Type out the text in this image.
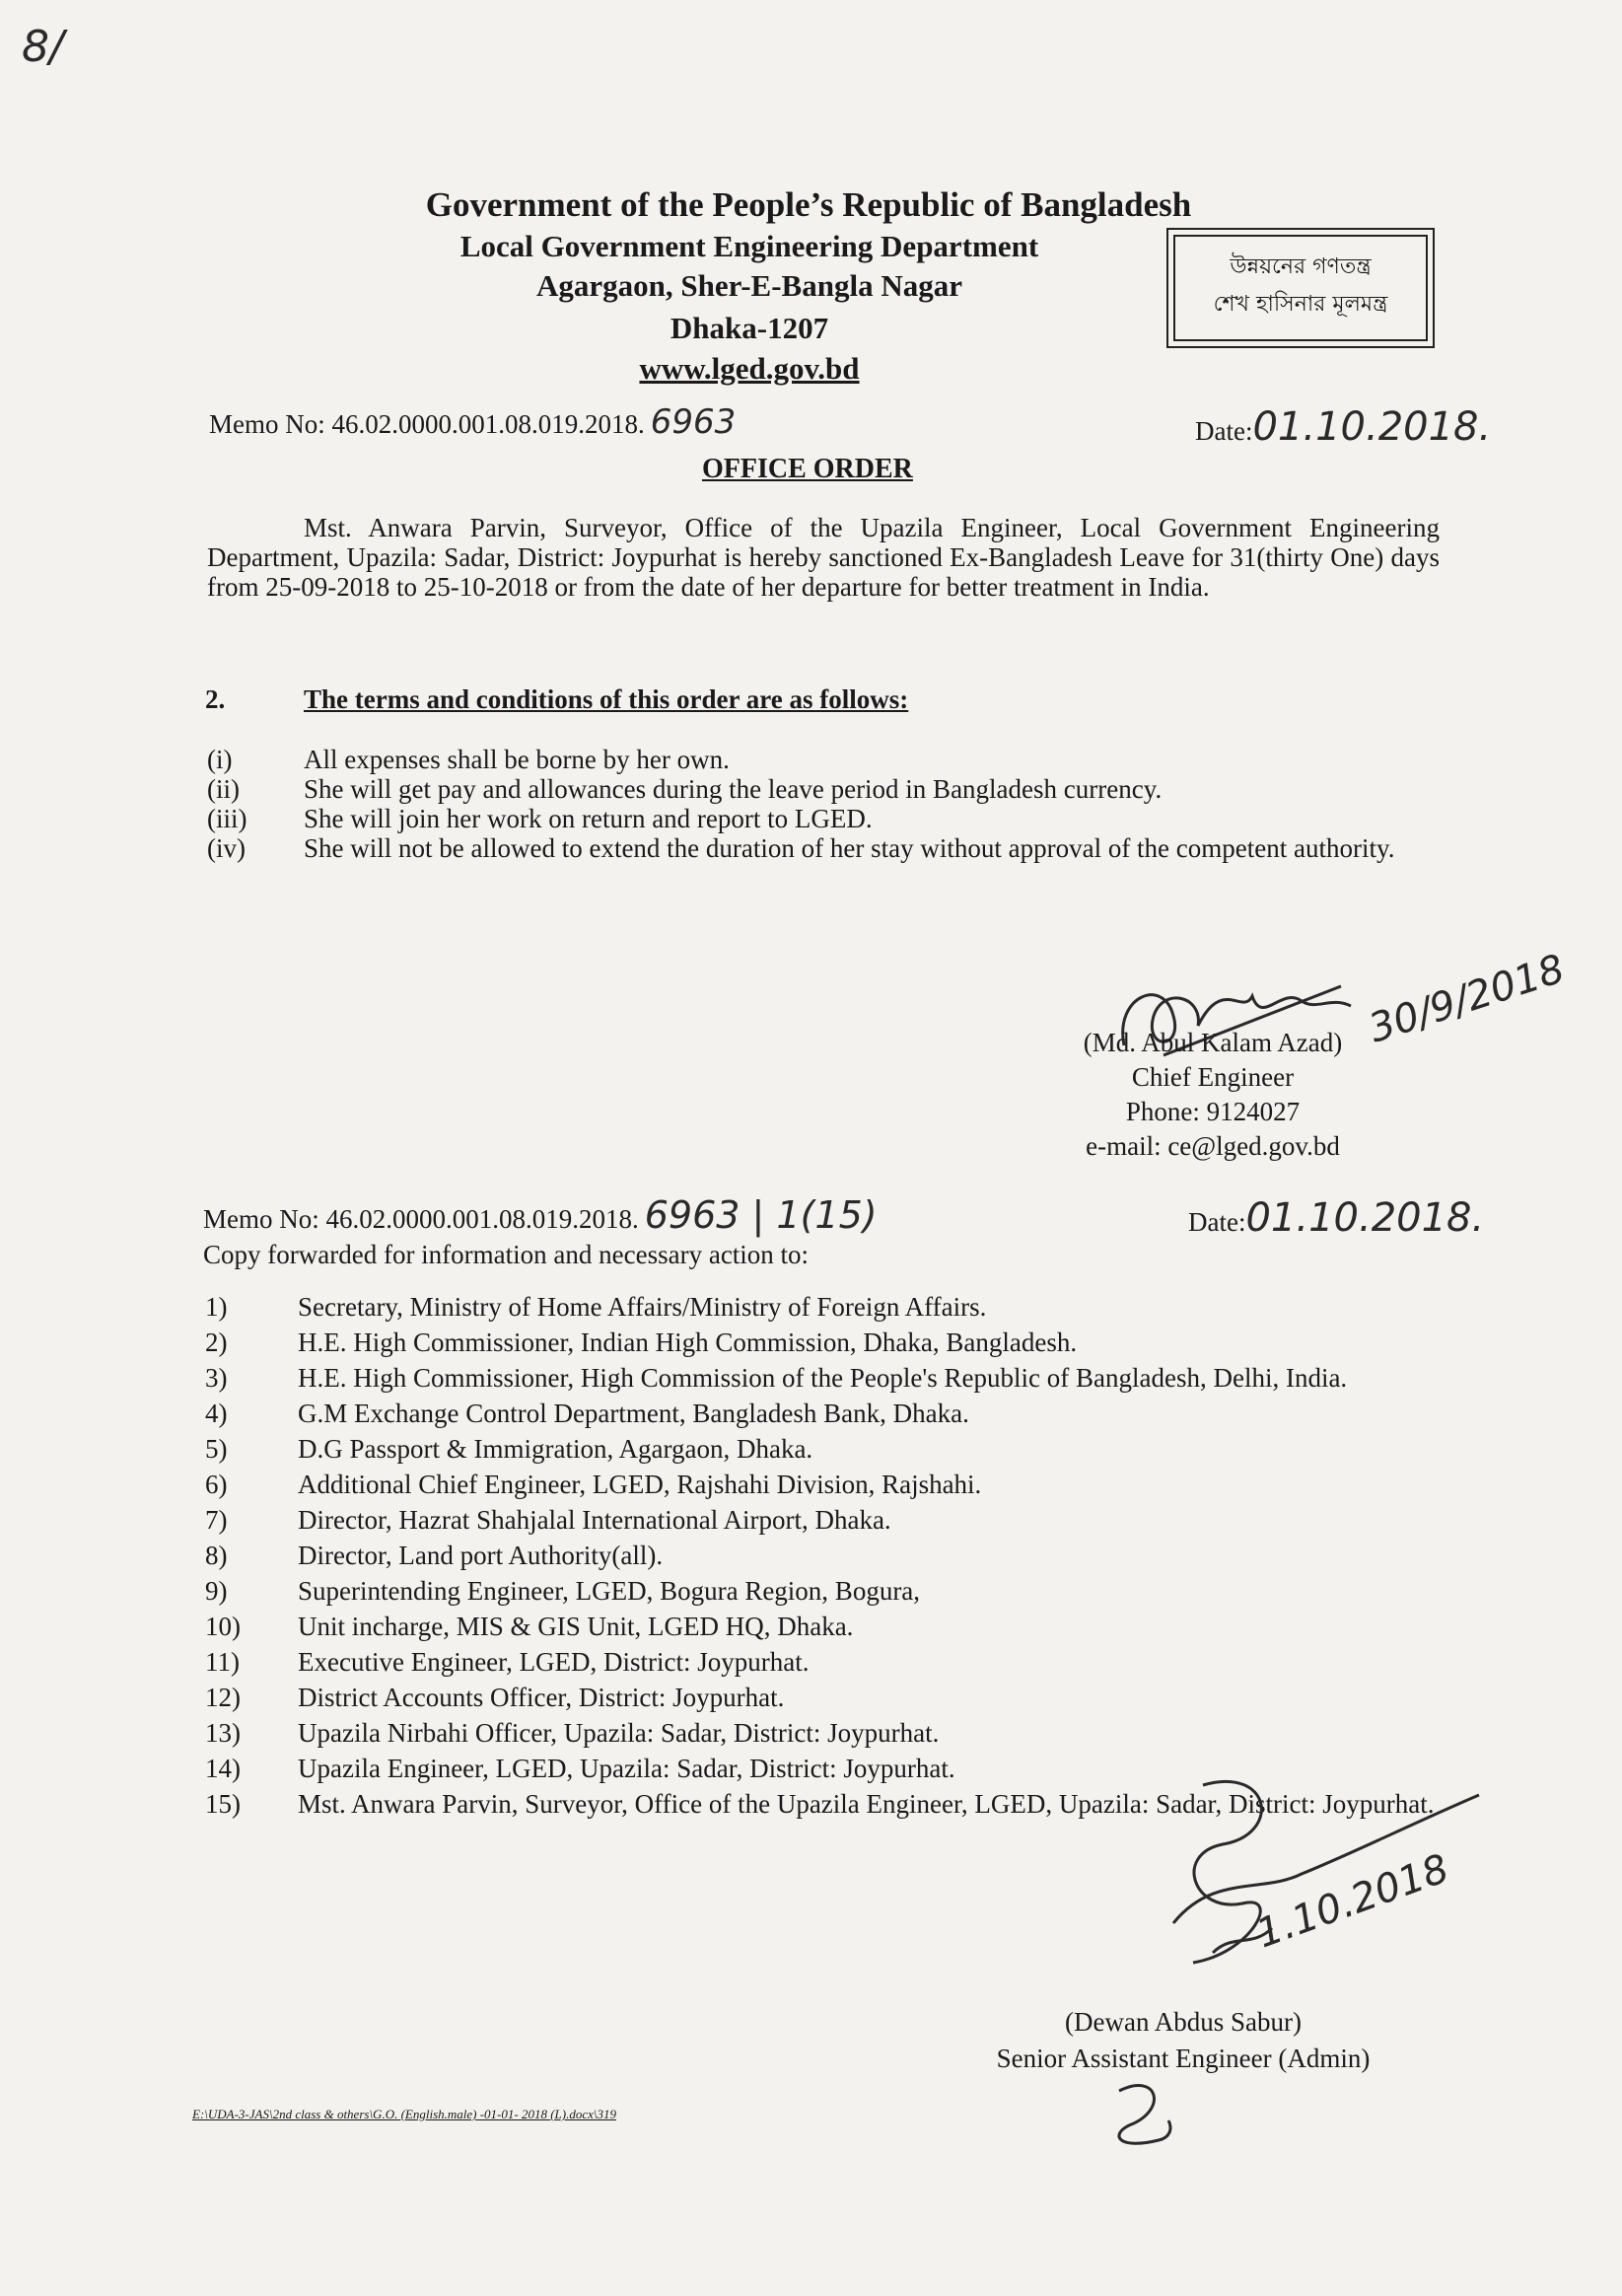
8/
Government of the People’s Republic of Bangladesh
Local Government Engineering Department
Agargaon, Sher-E-Bangla Nagar
Dhaka-1207
www.lged.gov.bd
উন্নয়নের গণতন্ত্র
শেখ হাসিনার মূলমন্ত্র
Memo No: 46.02.0000.001.08.019.2018. 6963	Date:01.10.2018.
OFFICE ORDER
Mst. Anwara Parvin, Surveyor, Office of the Upazila Engineer, Local Government Engineering Department, Upazila: Sadar, District: Joypurhat is hereby sanctioned Ex-Bangladesh Leave for 31(thirty One) days from 25-09-2018 to 25-10-2018 or from the date of her departure for better treatment in India.
2.	The terms and conditions of this order are as follows:
(i)	All expenses shall be borne by her own.
(ii)	She will get pay and allowances during the leave period in Bangladesh currency.
(iii)	She will join her work on return and report to LGED.
(iv)	She will not be allowed to extend the duration of her stay without approval of the competent authority.
30/9/2018
(Md. Abul Kalam Azad)
Chief Engineer
Phone: 9124027
e-mail: ce@lged.gov.bd
Memo No: 46.02.0000.001.08.019.2018. 6963 | 1(15)	Date:01.10.2018.
Copy forwarded for information and necessary action to:
1)	Secretary, Ministry of Home Affairs/Ministry of Foreign Affairs.
2)	H.E. High Commissioner, Indian High Commission, Dhaka, Bangladesh.
3)	H.E. High Commissioner, High Commission of the People's Republic of Bangladesh, Delhi, India.
4)	G.M Exchange Control Department, Bangladesh Bank, Dhaka.
5)	D.G Passport & Immigration, Agargaon, Dhaka.
6)	Additional Chief Engineer, LGED, Rajshahi Division, Rajshahi.
7)	Director, Hazrat Shahjalal International Airport, Dhaka.
8)	Director, Land port Authority(all).
9)	Superintending Engineer, LGED, Bogura Region, Bogura,
10)	Unit incharge, MIS & GIS Unit, LGED HQ, Dhaka.
11)	Executive Engineer, LGED, District: Joypurhat.
12)	District Accounts Officer, District: Joypurhat.
13)	Upazila Nirbahi Officer, Upazila: Sadar, District: Joypurhat.
14)	Upazila Engineer, LGED, Upazila: Sadar, District: Joypurhat.
15)	Mst. Anwara Parvin, Surveyor, Office of the Upazila Engineer, LGED, Upazila: Sadar, District: Joypurhat.
1.10.2018
(Dewan Abdus Sabur)
Senior Assistant Engineer (Admin)
E:\UDA-3-JAS\2nd class & others\G.O. (English.male) -01-01- 2018 (L).docx\319
